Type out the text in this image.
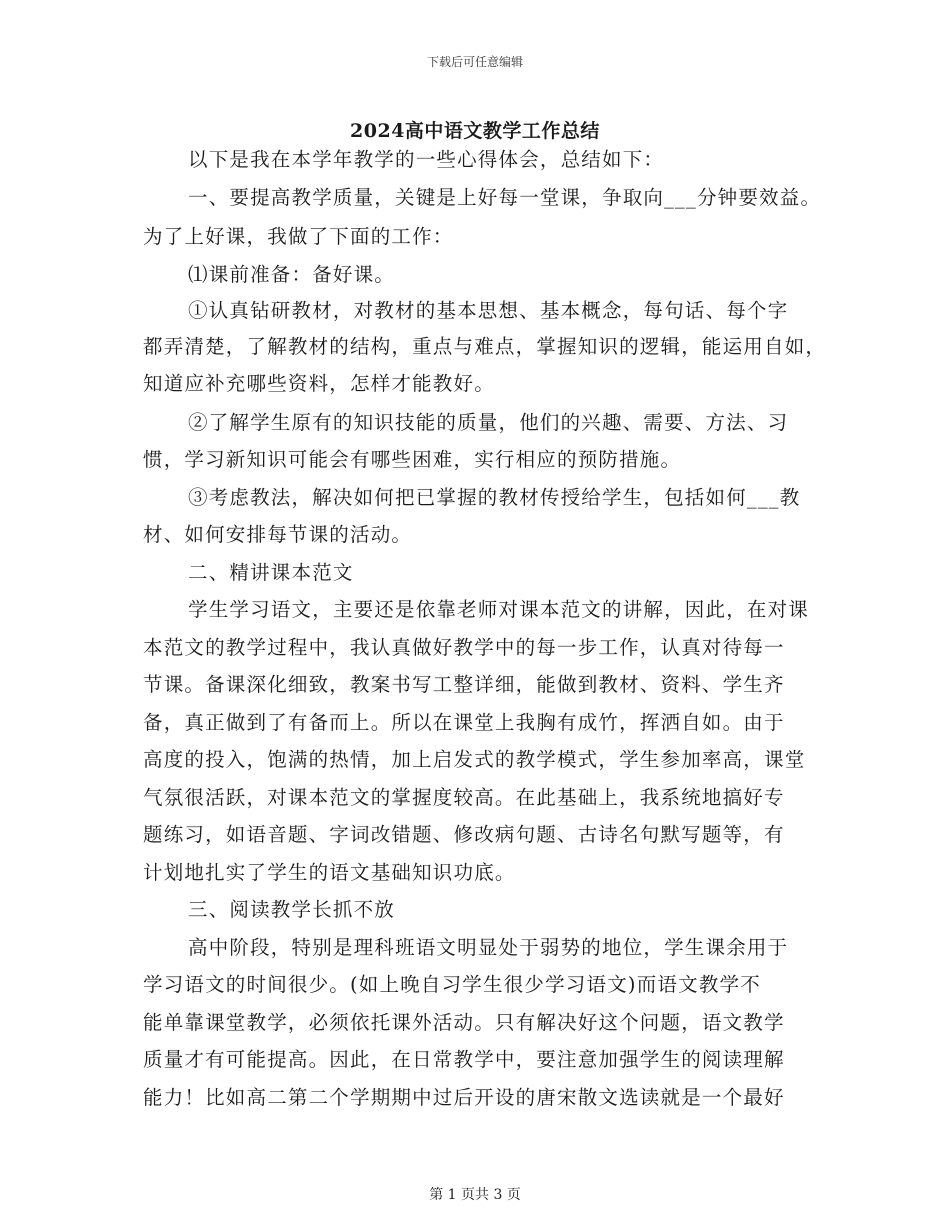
下载后可任意编辑
2024高中语文教学工作总结
以下是我在本学年教学的一些心得体会，总结如下：
一、要提高教学质量，关键是上好每一堂课，争取向___分钟要效益。
为了上好课，我做了下面的工作：
⑴课前准备：备好课。
①认真钻研教材，对教材的基本思想、基本概念，每句话、每个字
都弄清楚，了解教材的结构，重点与难点，掌握知识的逻辑，能运用自如，
知道应补充哪些资料，怎样才能教好。
②了解学生原有的知识技能的质量，他们的兴趣、需要、方法、习
惯，学习新知识可能会有哪些困难，实行相应的预防措施。
③考虑教法，解决如何把已掌握的教材传授给学生，包括如何___教
材、如何安排每节课的活动。
二、精讲课本范文
学生学习语文，主要还是依靠老师对课本范文的讲解，因此，在对课
本范文的教学过程中，我认真做好教学中的每一步工作，认真对待每一
节课。备课深化细致，教案书写工整详细，能做到教材、资料、学生齐
备，真正做到了有备而上。所以在课堂上我胸有成竹，挥洒自如。由于
高度的投入，饱满的热情，加上启发式的教学模式，学生参加率高，课堂
气氛很活跃，对课本范文的掌握度较高。在此基础上，我系统地搞好专
题练习，如语音题、字词改错题、修改病句题、古诗名句默写题等，有
计划地扎实了学生的语文基础知识功底。
三、阅读教学长抓不放
高中阶段，特别是理科班语文明显处于弱势的地位，学生课余用于
学习语文的时间很少。(如上晚自习学生很少学习语文)而语文教学不
能单靠课堂教学，必须依托课外活动。只有解决好这个问题，语文教学
质量才有可能提高。因此，在日常教学中，要注意加强学生的阅读理解
能力！比如高二第二个学期期中过后开设的唐宋散文选读就是一个最好
第 1 页共 3 页
